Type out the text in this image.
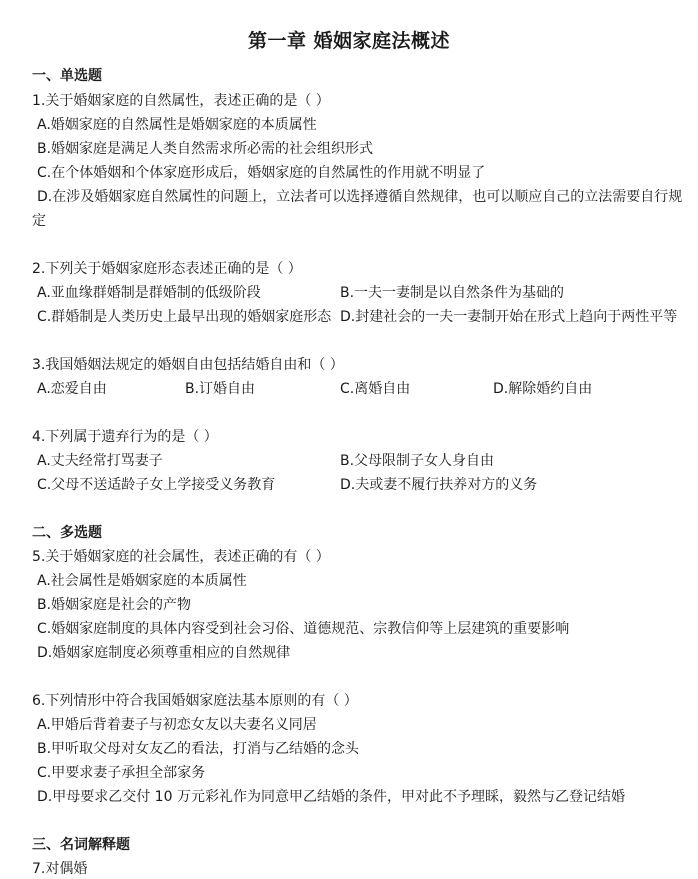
第一章 婚姻家庭法概述
一、单选题
1.关于婚姻家庭的自然属性，表述正确的是（ ）
A.婚姻家庭的自然属性是婚姻家庭的本质属性
B.婚姻家庭是满足人类自然需求所必需的社会组织形式
C.在个体婚姻和个体家庭形成后，婚姻家庭的自然属性的作用就不明显了
D.在涉及婚姻家庭自然属性的问题上，立法者可以选择遵循自然规律，也可以顺应自己的立法需要自行规
定
2.下列关于婚姻家庭形态表述正确的是（ ）
A.亚血缘群婚制是群婚制的低级阶段	B.一夫一妻制是以自然条件为基础的
C.群婚制是人类历史上最早出现的婚姻家庭形态 D.封建社会的一夫一妻制开始在形式上趋向于两性平等
3.我国婚姻法规定的婚姻自由包括结婚自由和（ ）
A.恋爱自由	B.订婚自由	C.离婚自由	D.解除婚约自由
4.下列属于遗弃行为的是（ ）
A.丈夫经常打骂妻子	B.父母限制子女人身自由
C.父母不送适龄子女上学接受义务教育	D.夫或妻不履行扶养对方的义务
二、多选题
5.关于婚姻家庭的社会属性，表述正确的有（ ）
A.社会属性是婚姻家庭的本质属性
B.婚姻家庭是社会的产物
C.婚姻家庭制度的具体内容受到社会习俗、道德规范、宗教信仰等上层建筑的重要影响
D.婚姻家庭制度必须尊重相应的自然规律
6.下列情形中符合我国婚姻家庭法基本原则的有（ ）
A.甲婚后背着妻子与初恋女友以夫妻名义同居
B.甲听取父母对女友乙的看法，打消与乙结婚的念头
C.甲要求妻子承担全部家务
D.甲母要求乙交付 10 万元彩礼作为同意甲乙结婚的条件，甲对此不予理睬，毅然与乙登记结婚
三、名词解释题
7.对偶婚
